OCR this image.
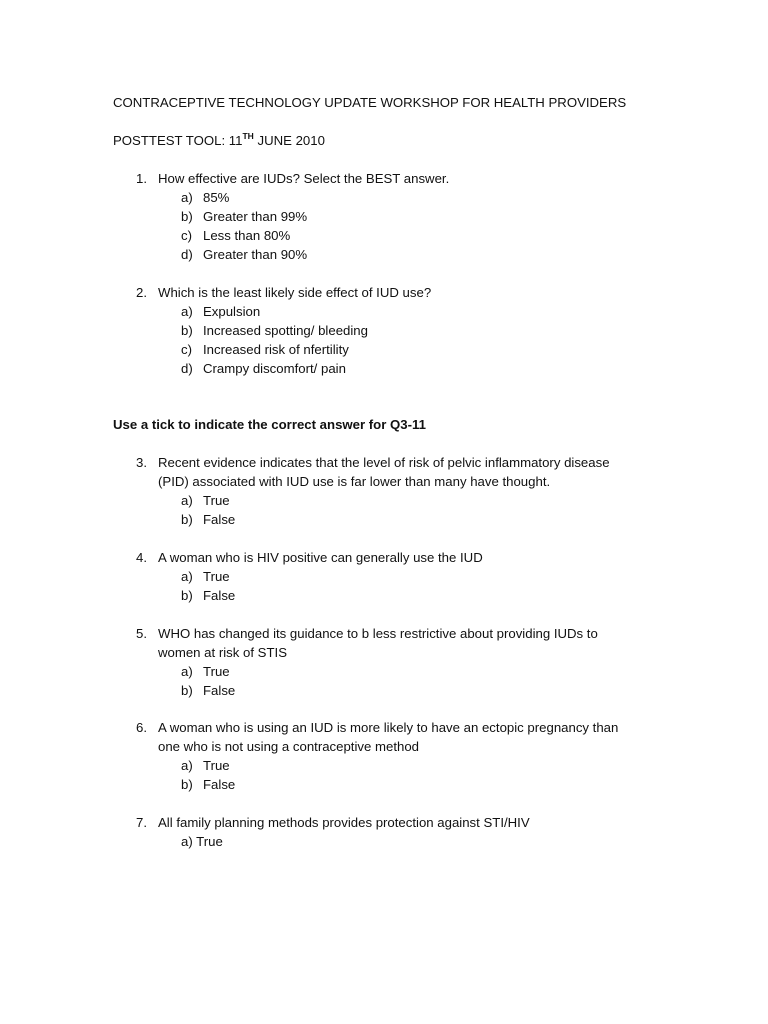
CONTRACEPTIVE TECHNOLOGY UPDATE WORKSHOP FOR HEALTH PROVIDERS
POSTTEST TOOL: 11TH JUNE 2010
1. How effective are IUDs? Select the BEST answer.
a) 85%
b) Greater than 99%
c) Less than 80%
d) Greater than 90%
2. Which is the least likely side effect of IUD use?
a) Expulsion
b) Increased spotting/ bleeding
c) Increased risk of nfertility
d) Crampy discomfort/ pain
Use a tick to indicate the correct answer for Q3-11
3. Recent evidence indicates that the level of risk of pelvic inflammatory disease
(PID) associated with IUD use is far lower than many have thought.
a) True
b) False
4. A woman who is HIV positive can generally use the IUD
a) True
b) False
5. WHO has changed its guidance to b less restrictive about providing IUDs to
women at risk of STIS
a) True
b) False
6. A woman who is using an IUD is more likely to have an ectopic pregnancy than
one who is not using a contraceptive method
a) True
b) False
7. All family planning methods provides protection against STI/HIV
a) True
